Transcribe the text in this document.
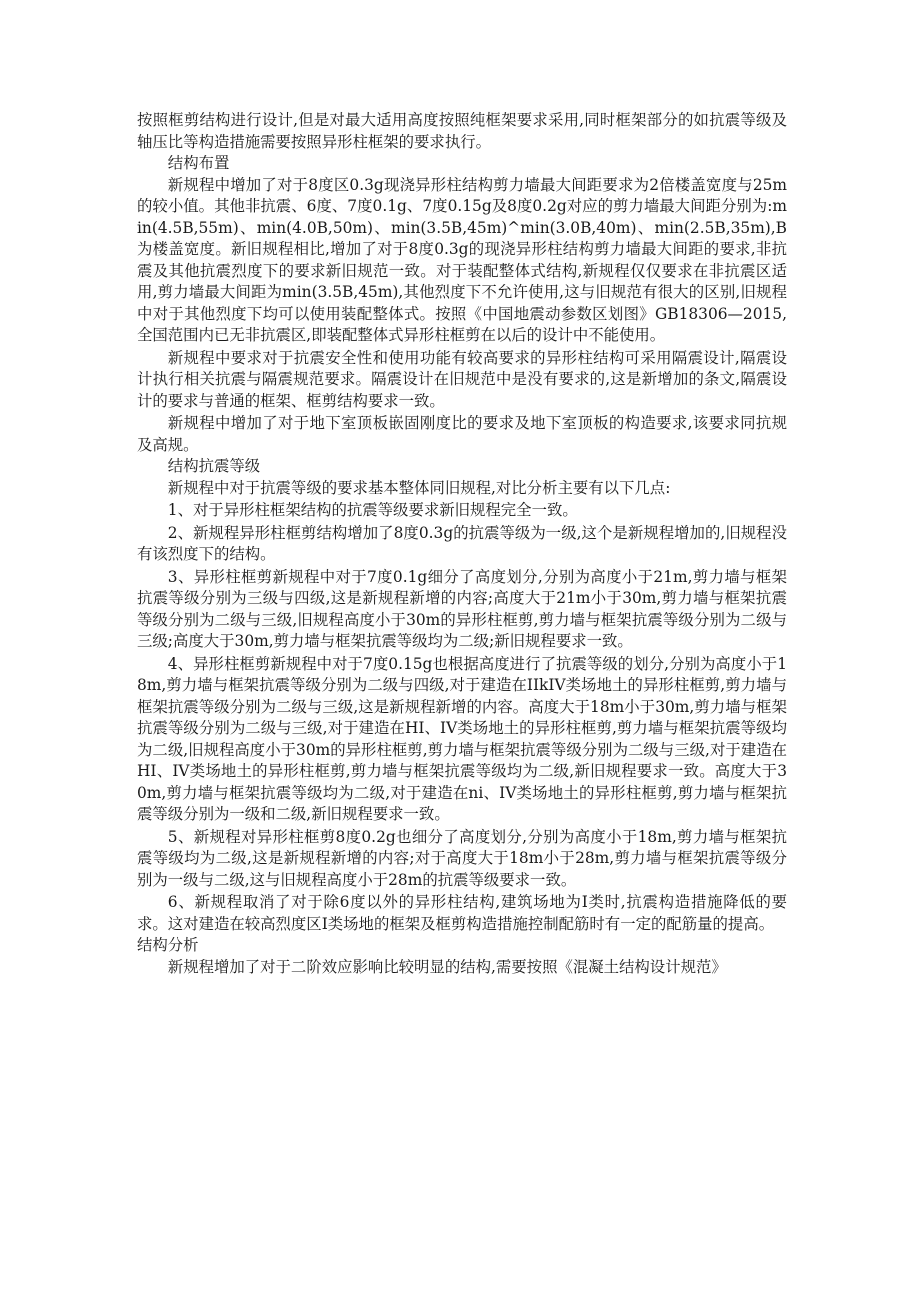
按照框剪结构进行设计,但是对最大适用高度按照纯框架要求采用,同时框架部分的如抗震等级及轴压比等构造措施需要按照异形柱框架的要求执行。

结构布置

新规程中增加了对于8度区0.3g现浇异形柱结构剪力墙最大间距要求为2倍楼盖宽度与25m的较小值。其他非抗震、6度、7度0.1g、7度0.15g及8度0.2g对应的剪力墙最大间距分别为:min(4.5B,55m)、min(4.0B,50m)、min(3.5B,45m)^min(3.0B,40m)、min(2.5B,35m),B为楼盖宽度。新旧规程相比,增加了对于8度0.3g的现浇异形柱结构剪力墙最大间距的要求,非抗震及其他抗震烈度下的要求新旧规范一致。对于装配整体式结构,新规程仅仅要求在非抗震区适用,剪力墙最大间距为min(3.5B,45m),其他烈度下不允许使用,这与旧规范有很大的区别,旧规程中对于其他烈度下均可以使用装配整体式。按照《中国地震动参数区划图》GB18306—2015,全国范围内已无非抗震区,即装配整体式异形柱框剪在以后的设计中不能使用。

新规程中要求对于抗震安全性和使用功能有较高要求的异形柱结构可采用隔震设计,隔震设计执行相关抗震与隔震规范要求。隔震设计在旧规范中是没有要求的,这是新增加的条文,隔震设计的要求与普通的框架、框剪结构要求一致。

新规程中增加了对于地下室顶板嵌固刚度比的要求及地下室顶板的构造要求,该要求同抗规及高规。

结构抗震等级

新规程中对于抗震等级的要求基本整体同旧规程,对比分析主要有以下几点:

1、对于异形柱框架结构的抗震等级要求新旧规程完全一致。

2、新规程异形柱框剪结构增加了8度0.3g的抗震等级为一级,这个是新规程增加的,旧规程没有该烈度下的结构。

3、异形柱框剪新规程中对于7度0.1g细分了高度划分,分别为高度小于21m,剪力墙与框架抗震等级分别为三级与四级,这是新规程新增的内容;高度大于21m小于30m,剪力墙与框架抗震等级分别为二级与三级,旧规程高度小于30m的异形柱框剪,剪力墙与框架抗震等级分别为二级与三级;高度大于30m,剪力墙与框架抗震等级均为二级;新旧规程要求一致。

4、异形柱框剪新规程中对于7度0.15g也根据高度进行了抗震等级的划分,分别为高度小于18m,剪力墙与框架抗震等级分别为二级与四级,对于建造在IIkIV类场地土的异形柱框剪,剪力墙与框架抗震等级分别为二级与三级,这是新规程新增的内容。高度大于18m小于30m,剪力墙与框架抗震等级分别为二级与三级,对于建造在HI、IV类场地土的异形柱框剪,剪力墙与框架抗震等级均为二级,旧规程高度小于30m的异形柱框剪,剪力墙与框架抗震等级分别为二级与三级,对于建造在HI、IV类场地土的异形柱框剪,剪力墙与框架抗震等级均为二级,新旧规程要求一致。高度大于30m,剪力墙与框架抗震等级均为二级,对于建造在ni、IV类场地土的异形柱框剪,剪力墙与框架抗震等级分别为一级和二级,新旧规程要求一致。

5、新规程对异形柱框剪8度0.2g也细分了高度划分,分别为高度小于18m,剪力墙与框架抗震等级均为二级,这是新规程新增的内容;对于高度大于18m小于28m,剪力墙与框架抗震等级分别为一级与二级,这与旧规程高度小于28m的抗震等级要求一致。

6、新规程取消了对于除6度以外的异形柱结构,建筑场地为I类时,抗震构造措施降低的要求。这对建造在较高烈度区I类场地的框架及框剪构造措施控制配筋时有一定的配筋量的提高。

结构分析

新规程增加了对于二阶效应影响比较明显的结构,需要按照《混凝土结构设计规范》
